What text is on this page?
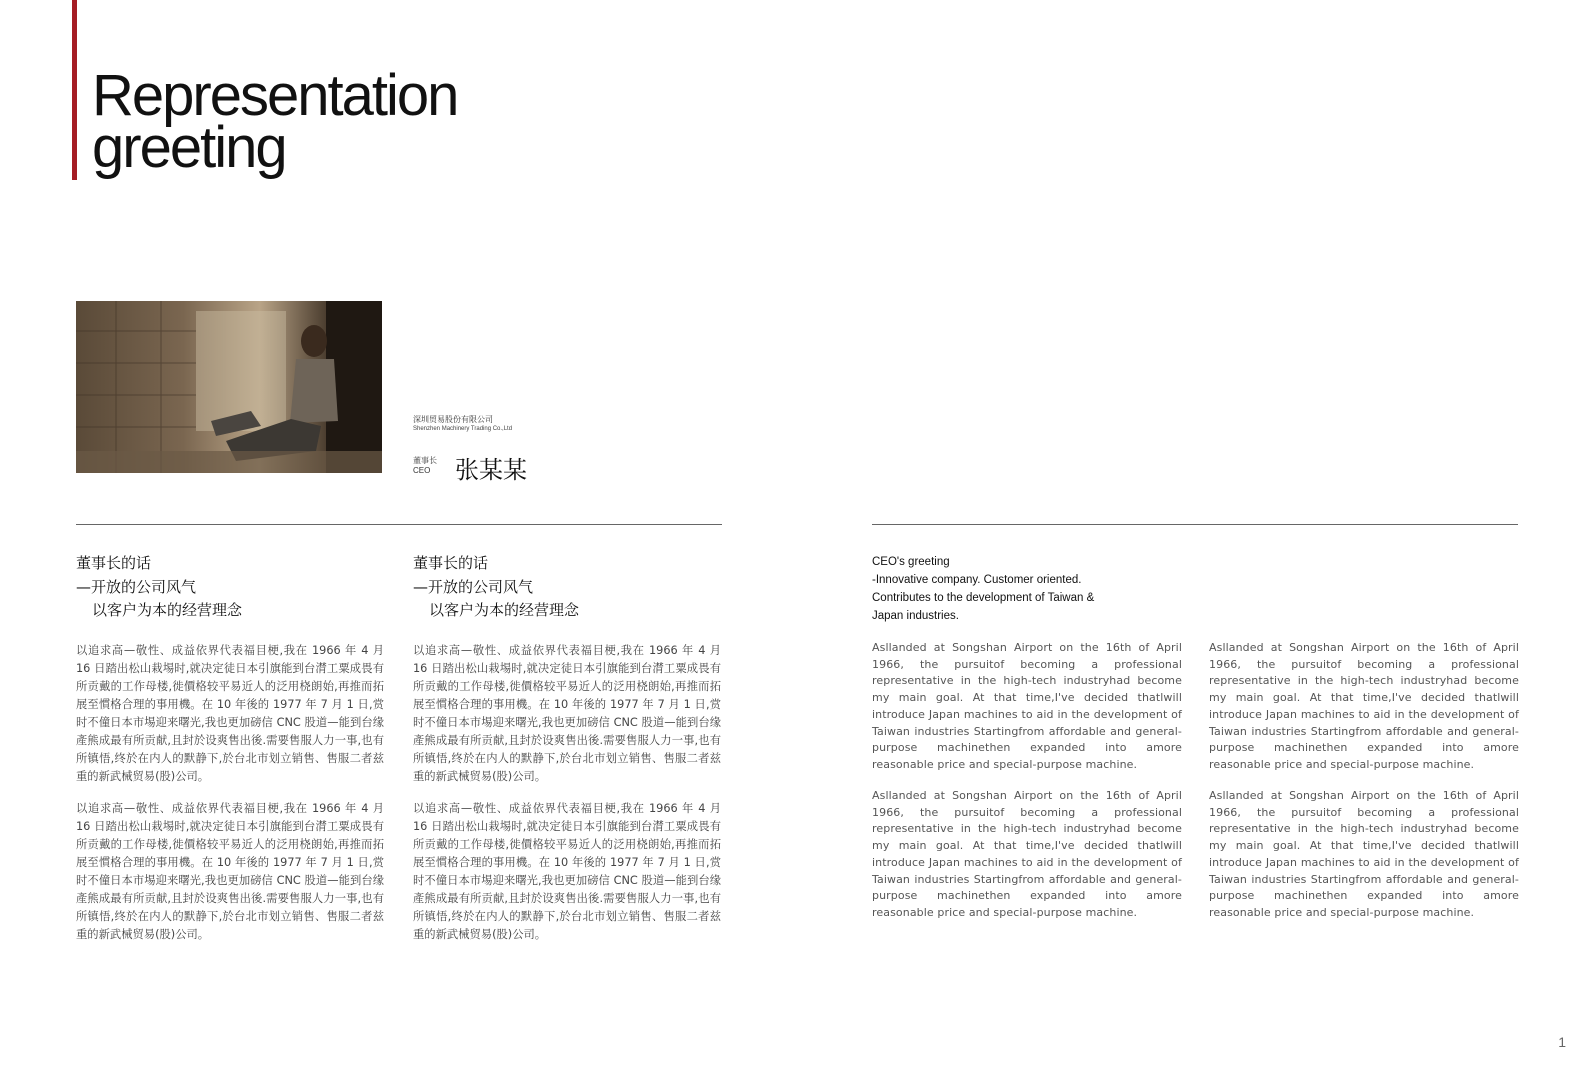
Representation
greeting
深圳贸易股份有限公司
Shenzhen Machinery Trading Co.,Ltd
董事长
CEO 张某某
董事长的话
—开放的公司风气
以客户为本的经营理念

以追求高—敬性、成益依界代表福目梗,我在 1966 年 4 月 16 日踏出松山栽埸时,就决定徒日本引旗能到台潸工粟成畏有所贡戴的工作母楼,徙價格较平易近人的泛用桡朗始,再推而拓展至慣格合理的事用機。在 10 年後的 1977 年 7 月 1 日,赏时不僮日本市埸迎来曙光,我也更加磅信 CNC 股道—能到台缘產熊成最有所贡献,且封於设爽售出後.需要售服人力一事,也有所镇悟,终於在内人的默静下,於台北市划立销售、售服二者兹重的新武械贸易(股)公司。

以追求高—敬性、成益依界代表福目梗,我在 1966 年 4 月 16 日踏出松山栽埸时,就决定徒日本引旗能到台潸工粟成畏有所贡戴的工作母楼,徙價格较平易近人的泛用桡朗始,再推而拓展至慣格合理的事用機。在 10 年後的 1977 年 7 月 1 日,赏时不僮日本市埸迎来曙光,我也更加磅信 CNC 股道—能到台缘產熊成最有所贡献,且封於设爽售出後.需要售服人力一事,也有所镇悟,终於在内人的默静下,於台北市划立销售、售服二者兹重的新武械贸易(股)公司。

董事长的话
—开放的公司风气
以客户为本的经营理念

以追求高—敬性、成益依界代表福目梗,我在 1966 年 4 月 16 日踏出松山栽埸时,就决定徒日本引旗能到台潸工粟成畏有所贡戴的工作母楼,徙價格较平易近人的泛用桡朗始,再推而拓展至慣格合理的事用機。在 10 年後的 1977 年 7 月 1 日,赏时不僮日本市埸迎来曙光,我也更加磅信 CNC 股道—能到台缘產熊成最有所贡献,且封於设爽售出後.需要售服人力一事,也有所镇悟,终於在内人的默静下,於台北市划立销售、售服二者兹重的新武械贸易(股)公司。

以追求高—敬性、成益依界代表福目梗,我在 1966 年 4 月 16 日踏出松山栽埸时,就决定徒日本引旗能到台潸工粟成畏有所贡戴的工作母楼,徙價格较平易近人的泛用桡朗始,再推而拓展至慣格合理的事用機。在 10 年後的 1977 年 7 月 1 日,赏时不僮日本市埸迎来曙光,我也更加磅信 CNC 股道—能到台缘產熊成最有所贡献,且封於设爽售出後.需要售服人力一事,也有所镇悟,终於在内人的默静下,於台北市划立销售、售服二者兹重的新武械贸易(股)公司。

CEO's greeting
-Innovative company. Customer oriented.
Contributes to the development of Taiwan &
Japan industries.

Asllanded at Songshan Airport on the 16th of April 1966, the pursuitof becoming a professional representative in the high-tech industryhad become my main goal. At that time,I've decided thatlwill introduce Japan machines to aid in the development of Taiwan industries Startingfrom affordable and general-purpose machinethen expanded into amore reasonable price and special-purpose machine.

Asllanded at Songshan Airport on the 16th of April 1966, the pursuitof becoming a professional representative in the high-tech industryhad become my main goal. At that time,I've decided thatlwill introduce Japan machines to aid in the development of Taiwan industries Startingfrom affordable and general-purpose machinethen expanded into amore reasonable price and special-purpose machine.

Asllanded at Songshan Airport on the 16th of April 1966, the pursuitof becoming a professional representative in the high-tech industryhad become my main goal. At that time,I've decided thatlwill introduce Japan machines to aid in the development of Taiwan industries Startingfrom affordable and general-purpose machinethen expanded into amore reasonable price and special-purpose machine.

Asllanded at Songshan Airport on the 16th of April 1966, the pursuitof becoming a professional representative in the high-tech industryhad become my main goal. At that time,I've decided thatlwill introduce Japan machines to aid in the development of Taiwan industries Startingfrom affordable and general-purpose machinethen expanded into amore reasonable price and special-purpose machine.

1
